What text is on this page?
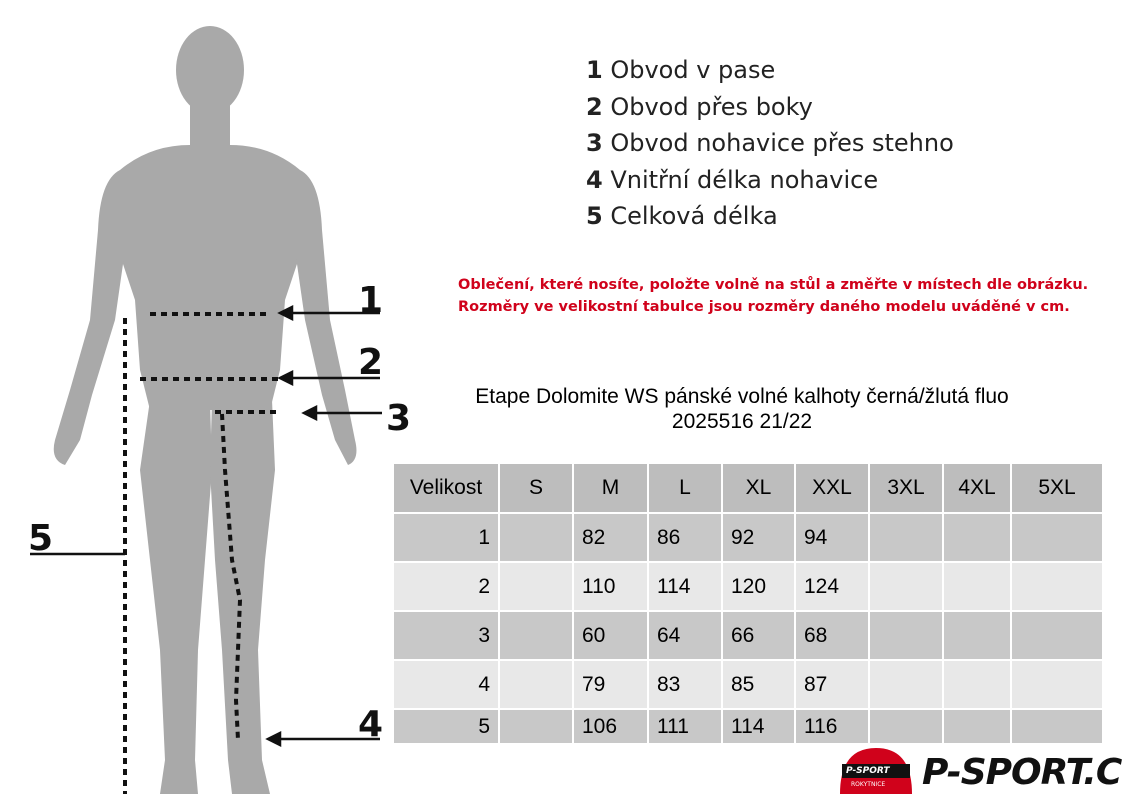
1
2
3
4
5
1 Obvod v pase
2 Obvod přes boky
3 Obvod nohavice přes stehno
4 Vnitřní délka nohavice
5 Celková délka
Oblečení, které nosíte, položte volně na stůl a změřte v místech dle obrázku.
Rozměry ve velikostní tabulce jsou rozměry daného modelu uváděné v cm.
Etape Dolomite WS pánské volné kalhoty černá/žlutá fluo
2025516 21/22
Velikost	S	M	L	XL	XXL	3XL	4XL	5XL
1		82	86	92	94			
2		110	114	120	124			
3		60	64	66	68			
4		79	83	85	87			
5		106	111	114	116			
P-SPORT
ROKYTNICE P-SPORT.C
